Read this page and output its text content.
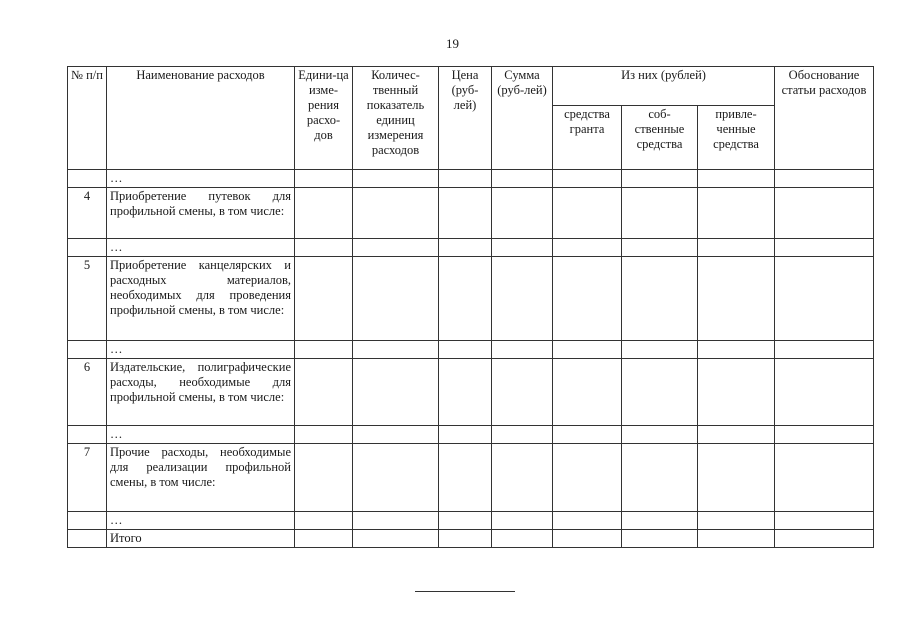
19
№ п/п	Наименование расходов	Едини-ца изме-рения расхо-дов	Количес-твенный показатель единиц измерения расходов	Цена (руб-лей)	Сумма (руб-лей)	Из них (рублей)			Обоснование статьи расходов
						средства гранта	соб-ственные средства	привле-ченные средства	
	…								
4	Приобретение путевок для профильной смены, в том числе:								
	…								
5	Приобретение канцелярских и расходных материалов, необходимых для проведения профильной смены, в том числе:								
	…								
6	Издательские, полиграфические расходы, необходимые для профильной смены, в том числе:								
	…								
7	Прочие расходы, необходимые для реализации профильной смены, в том числе:								
	…								
	Итого								
